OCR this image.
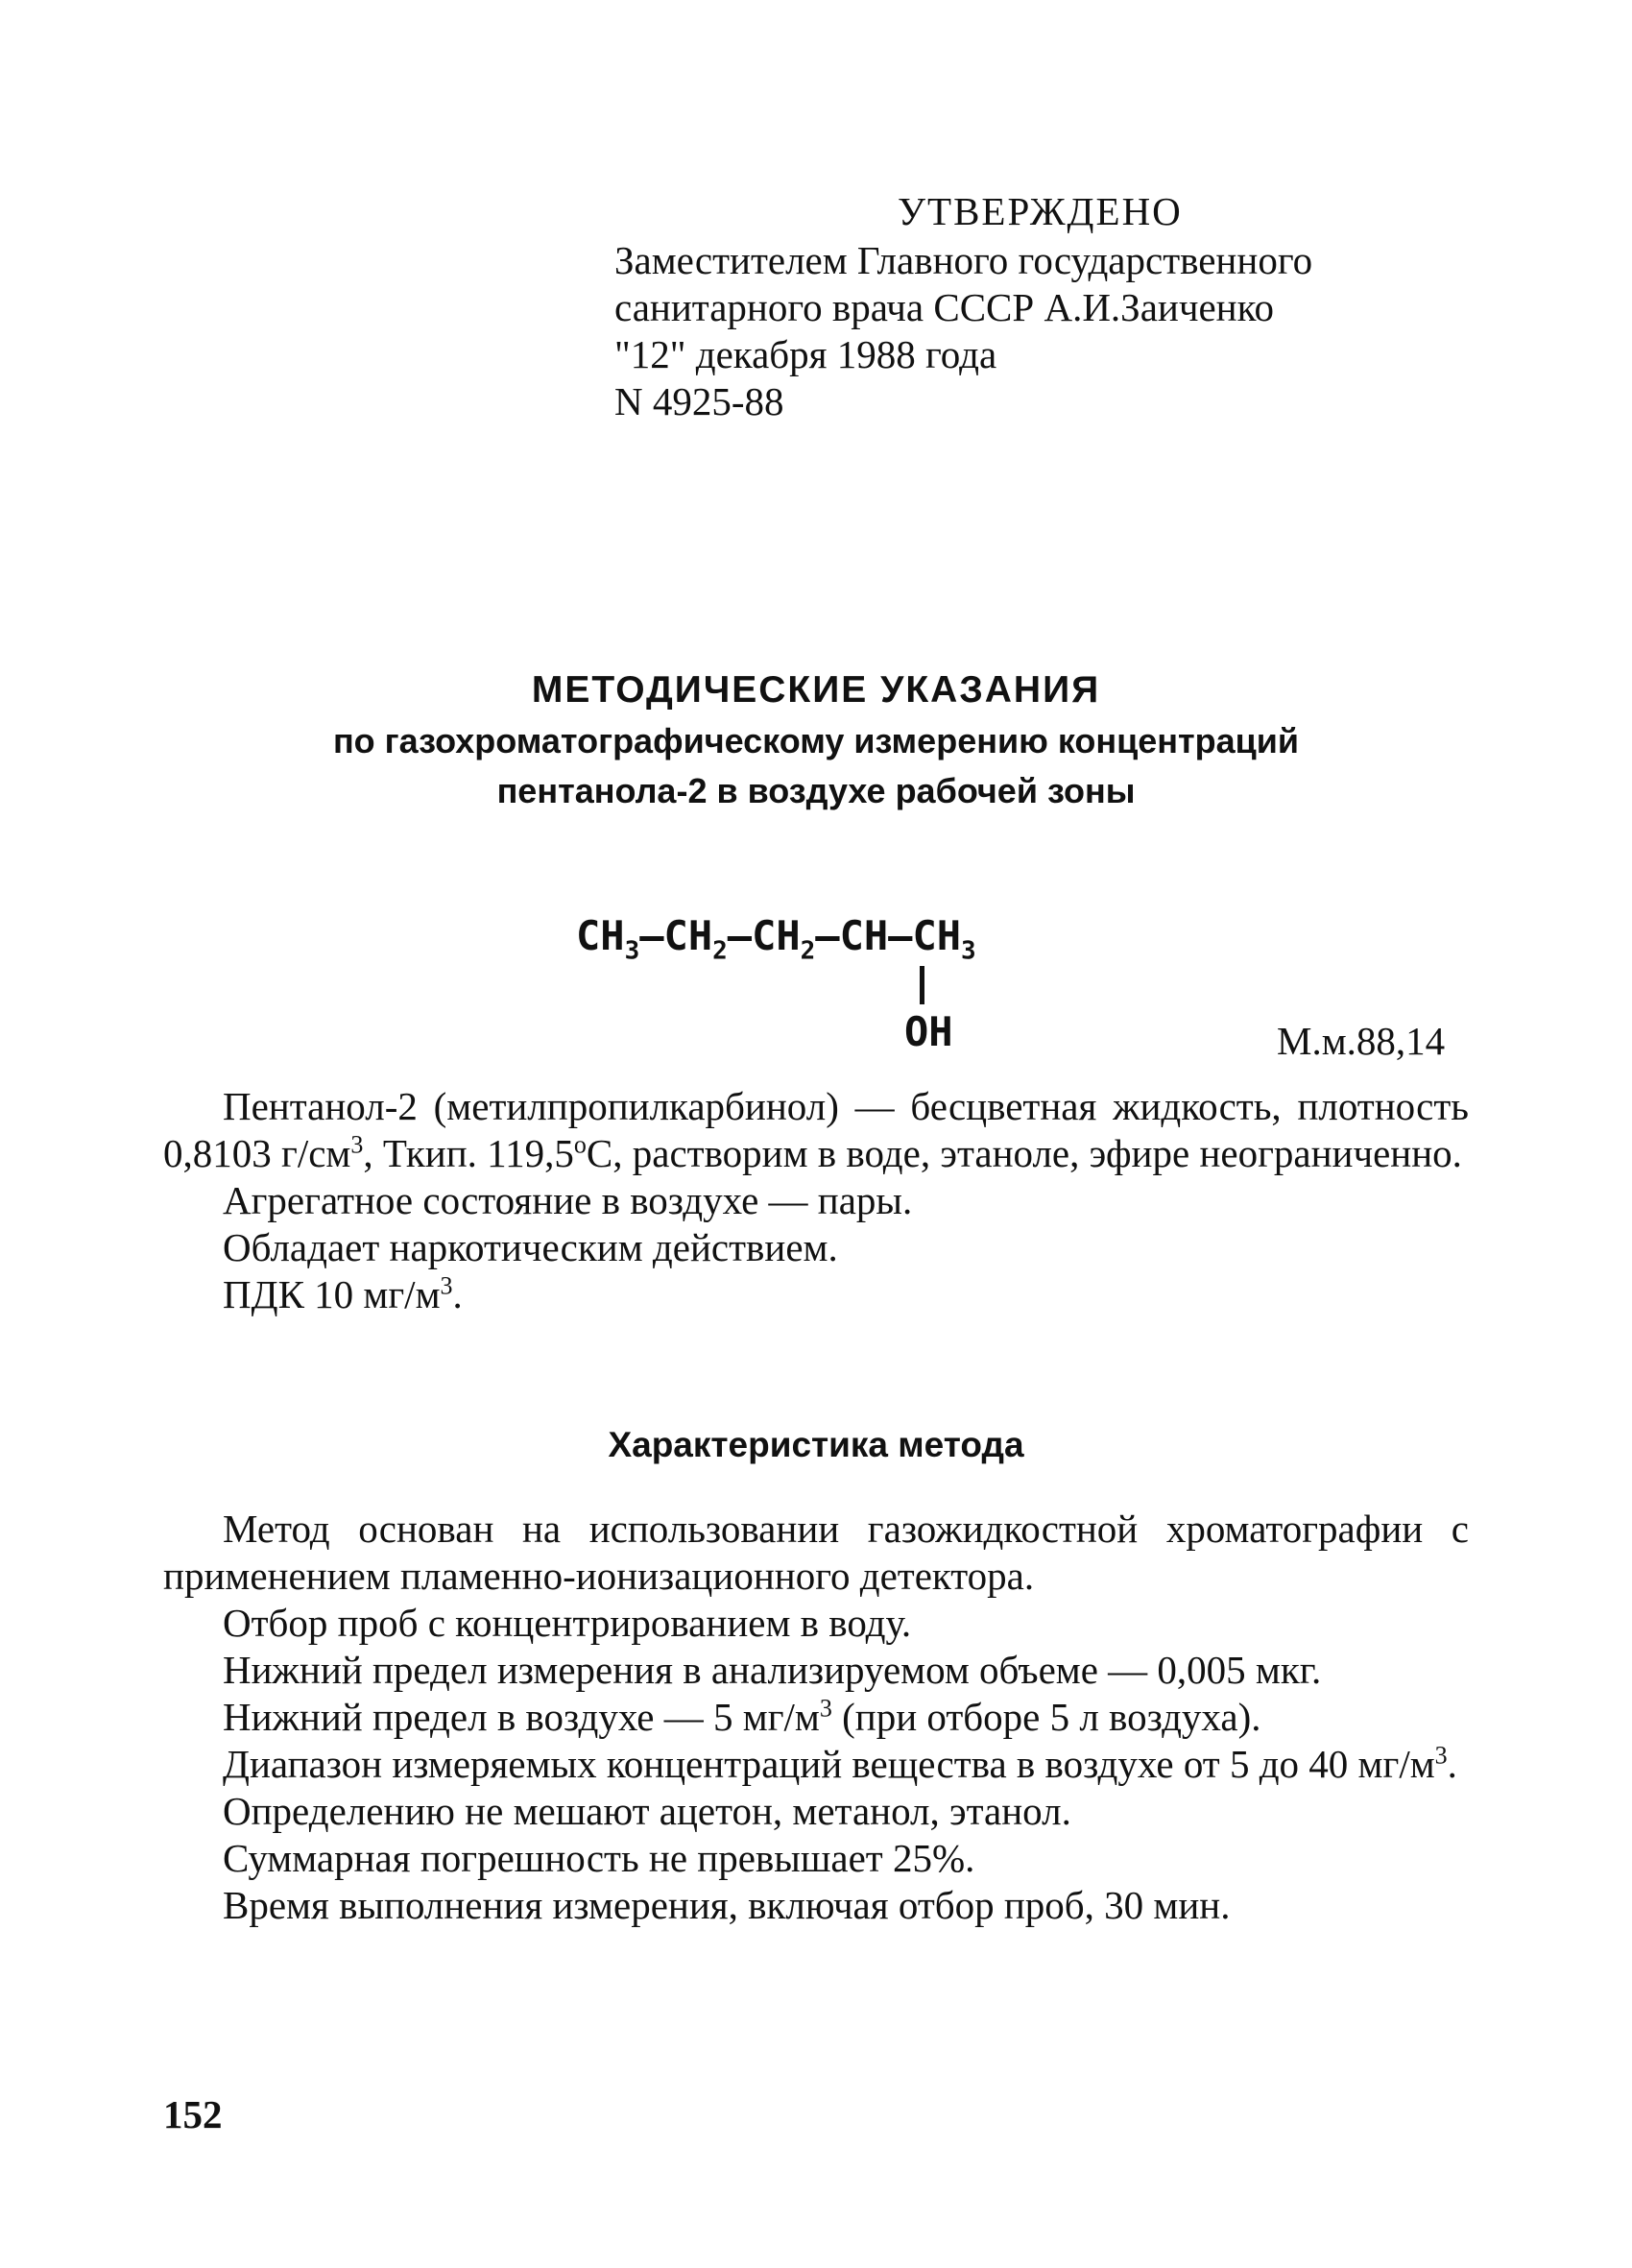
УТВЕРЖДЕНО
Заместителем Главного государственного
санитарного врача СССР А.И.Заиченко
"12" декабря 1988 года
N 4925-88
МЕТОДИЧЕСКИЕ УКАЗАНИЯ
по газохроматографическому измерению концентраций
пентанола-2 в воздухе рабочей зоны
$CH_3—CH_2—CH_2—CH—CH_3$
OH	М.м.88,14
Пентанол-2 (метилпропилкарбинол) — бесцветная жидкость, плотность 0,8103 $г/см^3$, Ткип. $119,5^оС$, растворим в воде, этаноле, эфире неограниченно.
Агрегатное состояние в воздухе — пары.
Обладает наркотическим действием.
ПДК 10 $мг/м^3$.
Характеристика метода
Метод основан на использовании газожидкостной хроматографии с применением пламенно-ионизационного детектора.
Отбор проб с концентрированием в воду.
Нижний предел измерения в анализируемом объеме — 0,005 мкг.
Нижний предел в воздухе — 5 $мг/м^3$ (при отборе 5 л воздуха).
Диапазон измеряемых концентраций вещества в воздухе от 5 до 40 $мг/м^3$.
Определению не мешают ацетон, метанол, этанол.
Суммарная погрешность не превышает 25%.
Время выполнения измерения, включая отбор проб, 30 мин.
152
